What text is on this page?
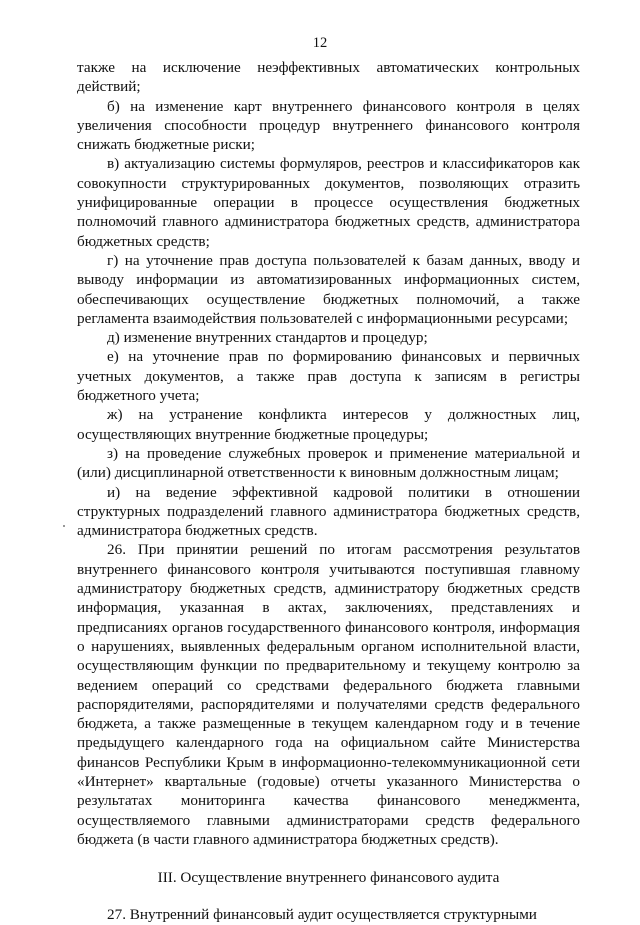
12

также на исключение неэффективных автоматических контрольных действий;

б) на изменение карт внутреннего финансового контроля в целях увеличения способности процедур внутреннего финансового контроля снижать бюджетные риски;

в) актуализацию системы формуляров, реестров и классификаторов как совокупности структурированных документов, позволяющих отразить унифицированные операции в процессе осуществления бюджетных полномочий главного администратора бюджетных средств, администратора бюджетных средств;

г) на уточнение прав доступа пользователей к базам данных, вводу и выводу информации из автоматизированных информационных систем, обеспечивающих осуществление бюджетных полномочий, а также регламента взаимодействия пользователей с информационными ресурсами;

д) изменение внутренних стандартов и процедур;

е) на уточнение прав по формированию финансовых и первичных учетных документов, а также прав доступа к записям в регистры бюджетного учета;

ж) на устранение конфликта интересов у должностных лиц, осуществляющих внутренние бюджетные процедуры;

з) на проведение служебных проверок и применение материальной и (или) дисциплинарной ответственности к виновным должностным лицам;

и) на ведение эффективной кадровой политики в отношении структурных подразделений главного администратора бюджетных средств, администратора бюджетных средств.

26. При принятии решений по итогам рассмотрения результатов внутреннего финансового контроля учитываются поступившая главному администратору бюджетных средств, администратору бюджетных средств информация, указанная в актах, заключениях, представлениях и предписаниях органов государственного финансового контроля, информация о нарушениях, выявленных федеральным органом исполнительной власти, осуществляющим функции по предварительному и текущему контролю за ведением операций со средствами федерального бюджета главными распорядителями, распорядителями и получателями средств федерального бюджета, а также размещенные в текущем календарном году и в течение предыдущего календарного года на официальном сайте Министерства финансов Республики Крым в информационно-телекоммуникационной сети «Интернет» квартальные (годовые) отчеты указанного Министерства о результатах мониторинга качества финансового менеджмента, осуществляемого главными администраторами средств федерального бюджета (в части главного администратора бюджетных средств).

III. Осуществление внутреннего финансового аудита

27. Внутренний финансовый аудит осуществляется структурными
